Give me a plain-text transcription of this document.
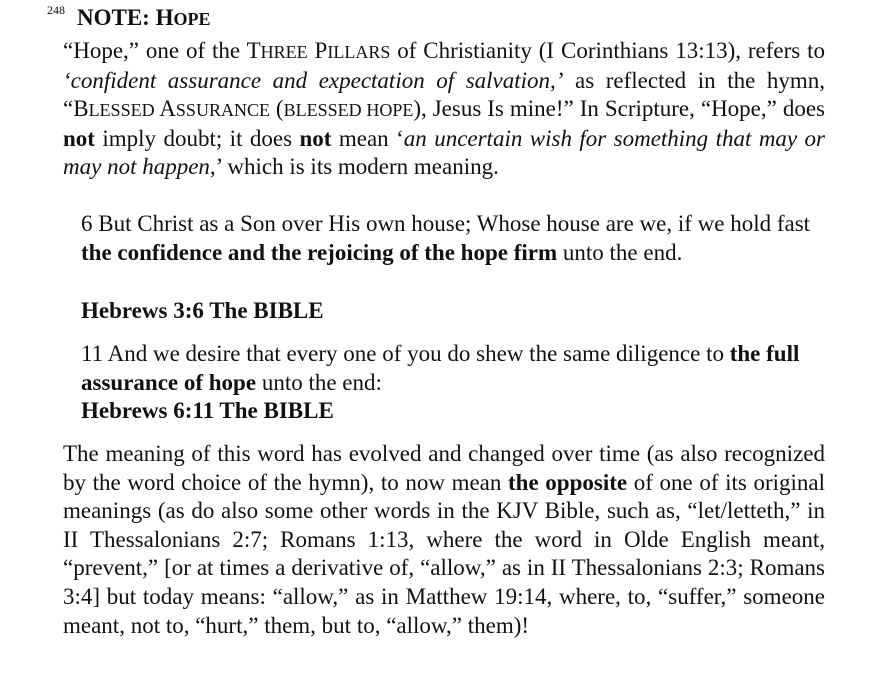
248 NOTE: HOPE
“Hope,” one of the THREE PILLARS of Christianity (I Corinthians 13:13), refers to ‘confident assurance and expectation of salvation,’ as reflected in the hymn, “BLESSED ASSURANCE (BLESSED HOPE), Jesus Is mine!” In Scripture, “Hope,” does not imply doubt; it does not mean ‘an uncertain wish for something that may or may not happen,’ which is its modern meaning.
6 But Christ as a Son over His own house; Whose house are we, if we hold fast the confidence and the rejoicing of the hope firm unto the end.
Hebrews 3:6 The BIBLE
11 And we desire that every one of you do shew the same diligence to the full assurance of hope unto the end:
Hebrews 6:11 The BIBLE
The meaning of this word has evolved and changed over time (as also recognized by the word choice of the hymn), to now mean the opposite of one of its original meanings (as do also some other words in the KJV Bible, such as, “let/letteth,” in II Thessalonians 2:7; Romans 1:13, where the word in Olde English meant, “prevent,” [or at times a derivative of, “allow,” as in II Thessalonians 2:3; Romans 3:4] but today means: “allow,” as in Matthew 19:14, where, to, “suffer,” someone meant, not to, “hurt,” them, but to, “allow,” them)!
